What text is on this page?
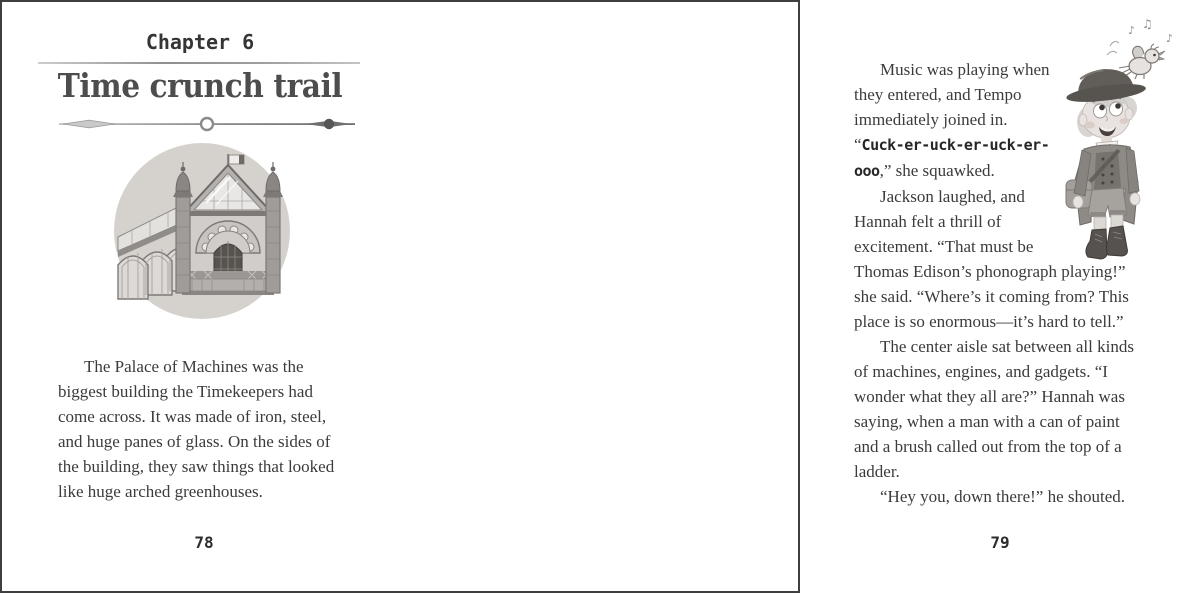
Chapter 6
Time crunch trail

The Palace of Machines was the biggest building the Timekeepers had come across. It was made of iron, steel, and huge panes of glass. On the sides of the building, they saw things that looked like huge arched greenhouses.

78
♪ ♫
♪

Music was playing when they entered, and Tempo immediately joined in. “Cuck-er-uck-er-uck-er-ooo,” she squawked.

Jackson laughed, and Hannah felt a thrill of excitement. “That must be Thomas Edison’s phonograph playing!” she said. “Where’s it coming from? This place is so enormous—it’s hard to tell.”

The center aisle sat between all kinds of machines, engines, and gadgets. “I wonder what they all are?” Hannah was saying, when a man with a can of paint and a brush called out from the top of a ladder.

“Hey you, down there!” he shouted.

79
